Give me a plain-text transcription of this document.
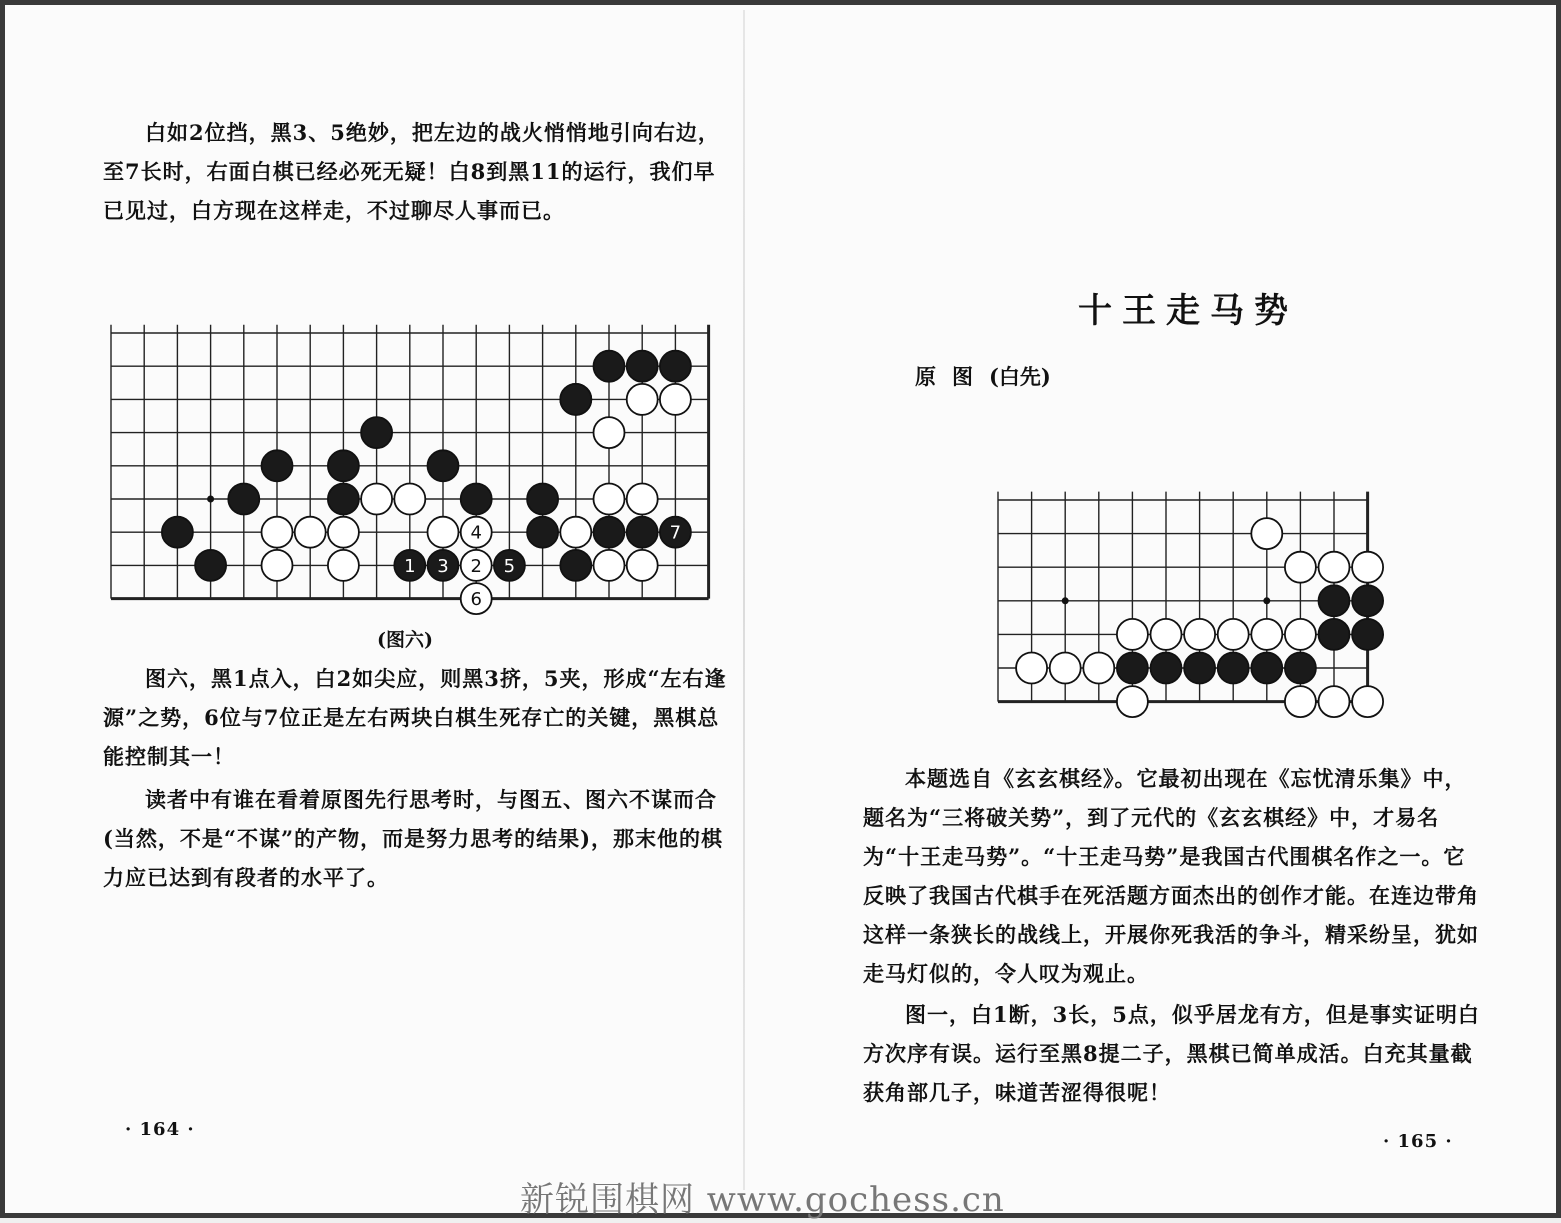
白如2位挡，黑3、5绝妙，把左边的战火悄悄地引向右边，至7长时，右面白棋已经必死无疑！白8到黑11的运行，我们早已见过，白方现在这样走，不过聊尽人事而已。

1	2
3
4
5
6
7
(图六)

图六，黑1点入，白2如尖应，则黑3挤，5夹，形成“左右逢源”之势，6位与7位正是左右两块白棋生死存亡的关键，黑棋总能控制其一！

读者中有谁在看着原图先行思考时，与图五、图六不谋而合(当然，不是“不谋”的产物，而是努力思考的结果)，那末他的棋力应已达到有段者的水平了。

· 164 ·
十王走马势
原图(白先)

本题选自《玄玄棋经》。它最初出现在《忘忧清乐集》中，题名为“三将破关势”，到了元代的《玄玄棋经》中，才易名为“十王走马势”。“十王走马势”是我国古代围棋名作之一。它反映了我国古代棋手在死活题方面杰出的创作才能。在连边带角这样一条狭长的战线上，开展你死我活的争斗，精采纷呈，犹如走马灯似的，令人叹为观止。

图一，白1断，3长，5点，似乎居龙有方，但是事实证明白方次序有误。运行至黑8提二子，黑棋已简单成活。白充其量截获角部几子，味道苦涩得很呢！

· 165 ·
新锐围棋网 www.gochess.cn
